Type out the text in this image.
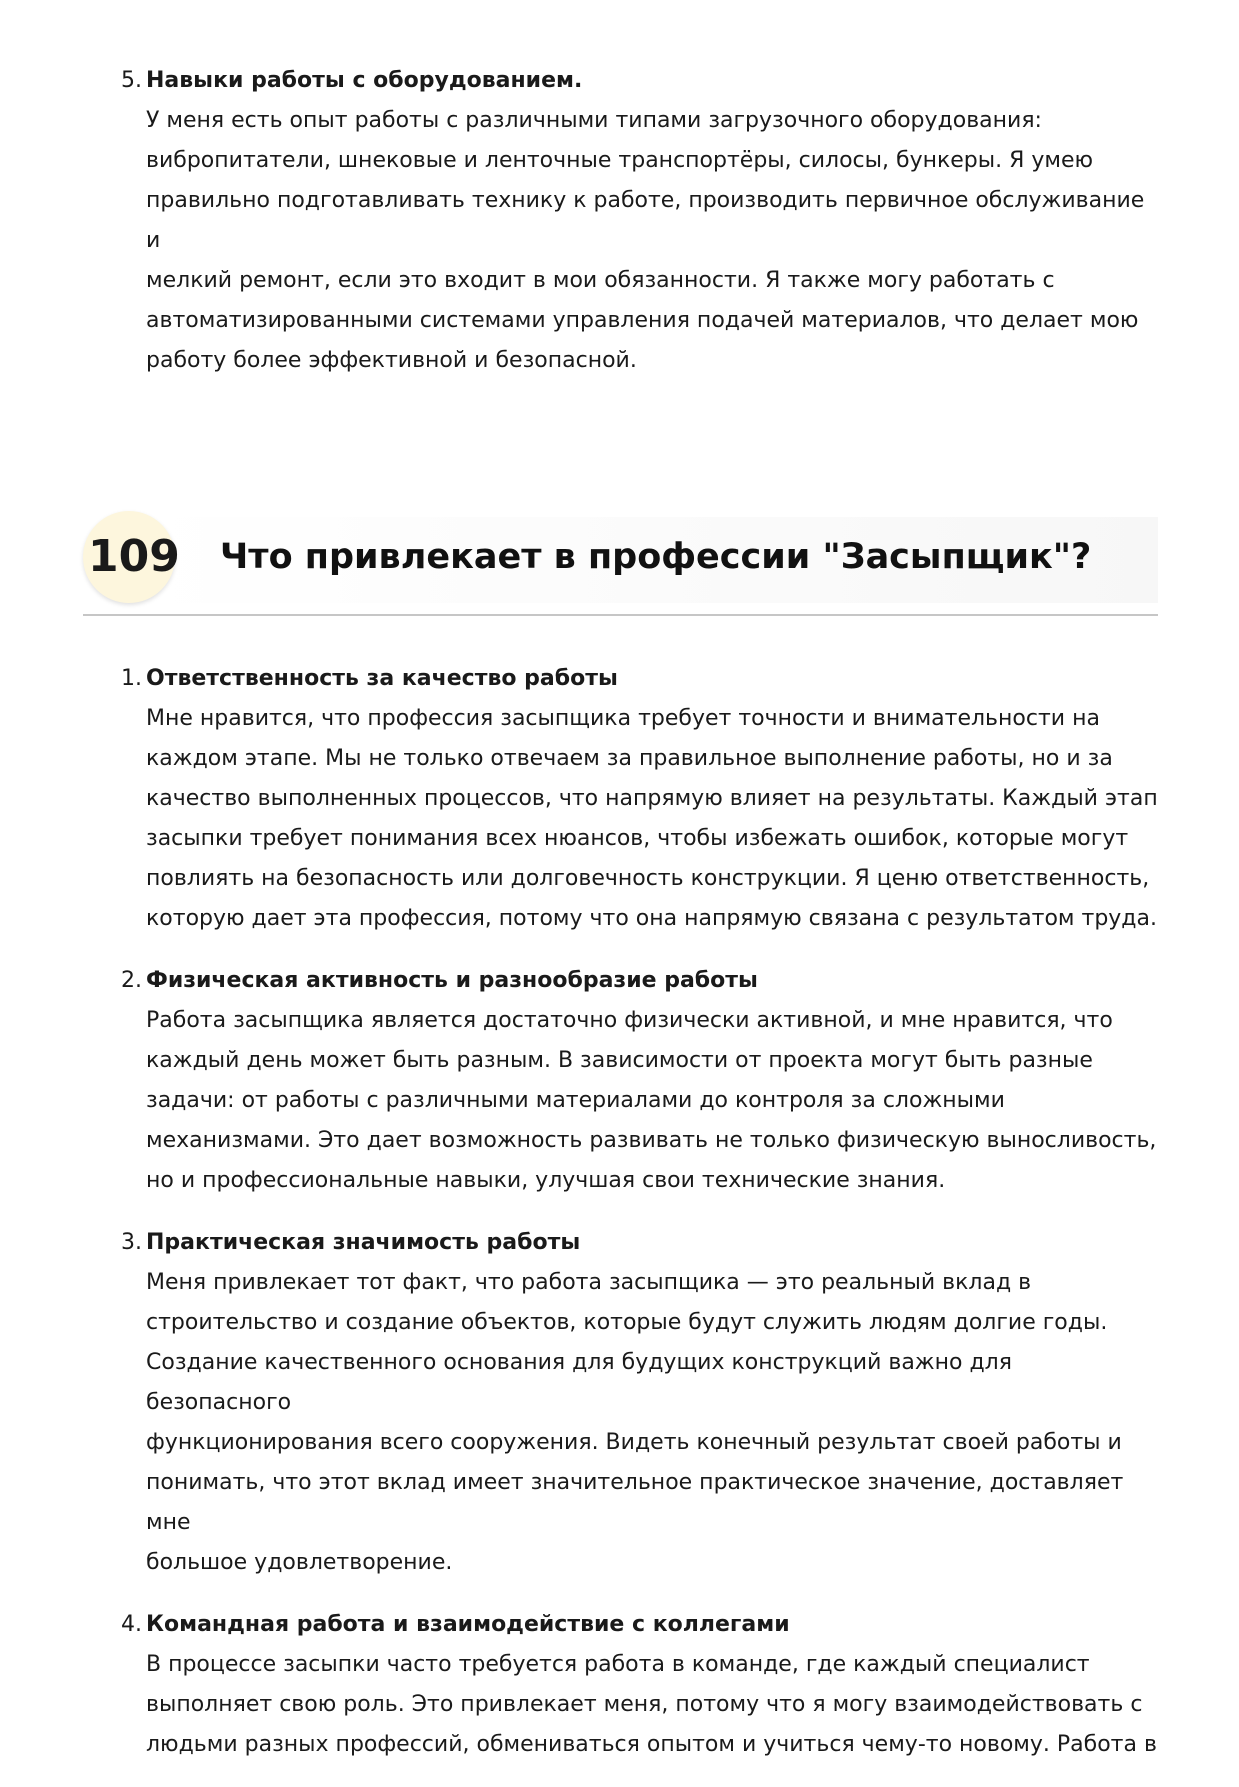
5. Навыки работы с оборудованием.

У меня есть опыт работы с различными типами загрузочного оборудования:
вибропитатели, шнековые и ленточные транспортёры, силосы, бункеры. Я умею
правильно подготавливать технику к работе, производить первичное обслуживание и
мелкий ремонт, если это входит в мои обязанности. Я также могу работать с
автоматизированными системами управления подачей материалов, что делает мою
работу более эффективной и безопасной.
109 Что привлекает в профессии "Засыпщик"?
1. Ответственность за качество работы

Мне нравится, что профессия засыпщика требует точности и внимательности на
каждом этапе. Мы не только отвечаем за правильное выполнение работы, но и за
качество выполненных процессов, что напрямую влияет на результаты. Каждый этап
засыпки требует понимания всех нюансов, чтобы избежать ошибок, которые могут
повлиять на безопасность или долговечность конструкции. Я ценю ответственность,
которую дает эта профессия, потому что она напрямую связана с результатом труда.
2. Физическая активность и разнообразие работы

Работа засыпщика является достаточно физически активной, и мне нравится, что
каждый день может быть разным. В зависимости от проекта могут быть разные
задачи: от работы с различными материалами до контроля за сложными
механизмами. Это дает возможность развивать не только физическую выносливость,
но и профессиональные навыки, улучшая свои технические знания.
3. Практическая значимость работы

Меня привлекает тот факт, что работа засыпщика — это реальный вклад в
строительство и создание объектов, которые будут служить людям долгие годы.
Создание качественного основания для будущих конструкций важно для безопасного
функционирования всего сооружения. Видеть конечный результат своей работы и
понимать, что этот вклад имеет значительное практическое значение, доставляет мне
большое удовлетворение.
4. Командная работа и взаимодействие с коллегами

В процессе засыпки часто требуется работа в команде, где каждый специалист
выполняет свою роль. Это привлекает меня, потому что я могу взаимодействовать с
людьми разных профессий, обмениваться опытом и учиться чему-то новому. Работа в
